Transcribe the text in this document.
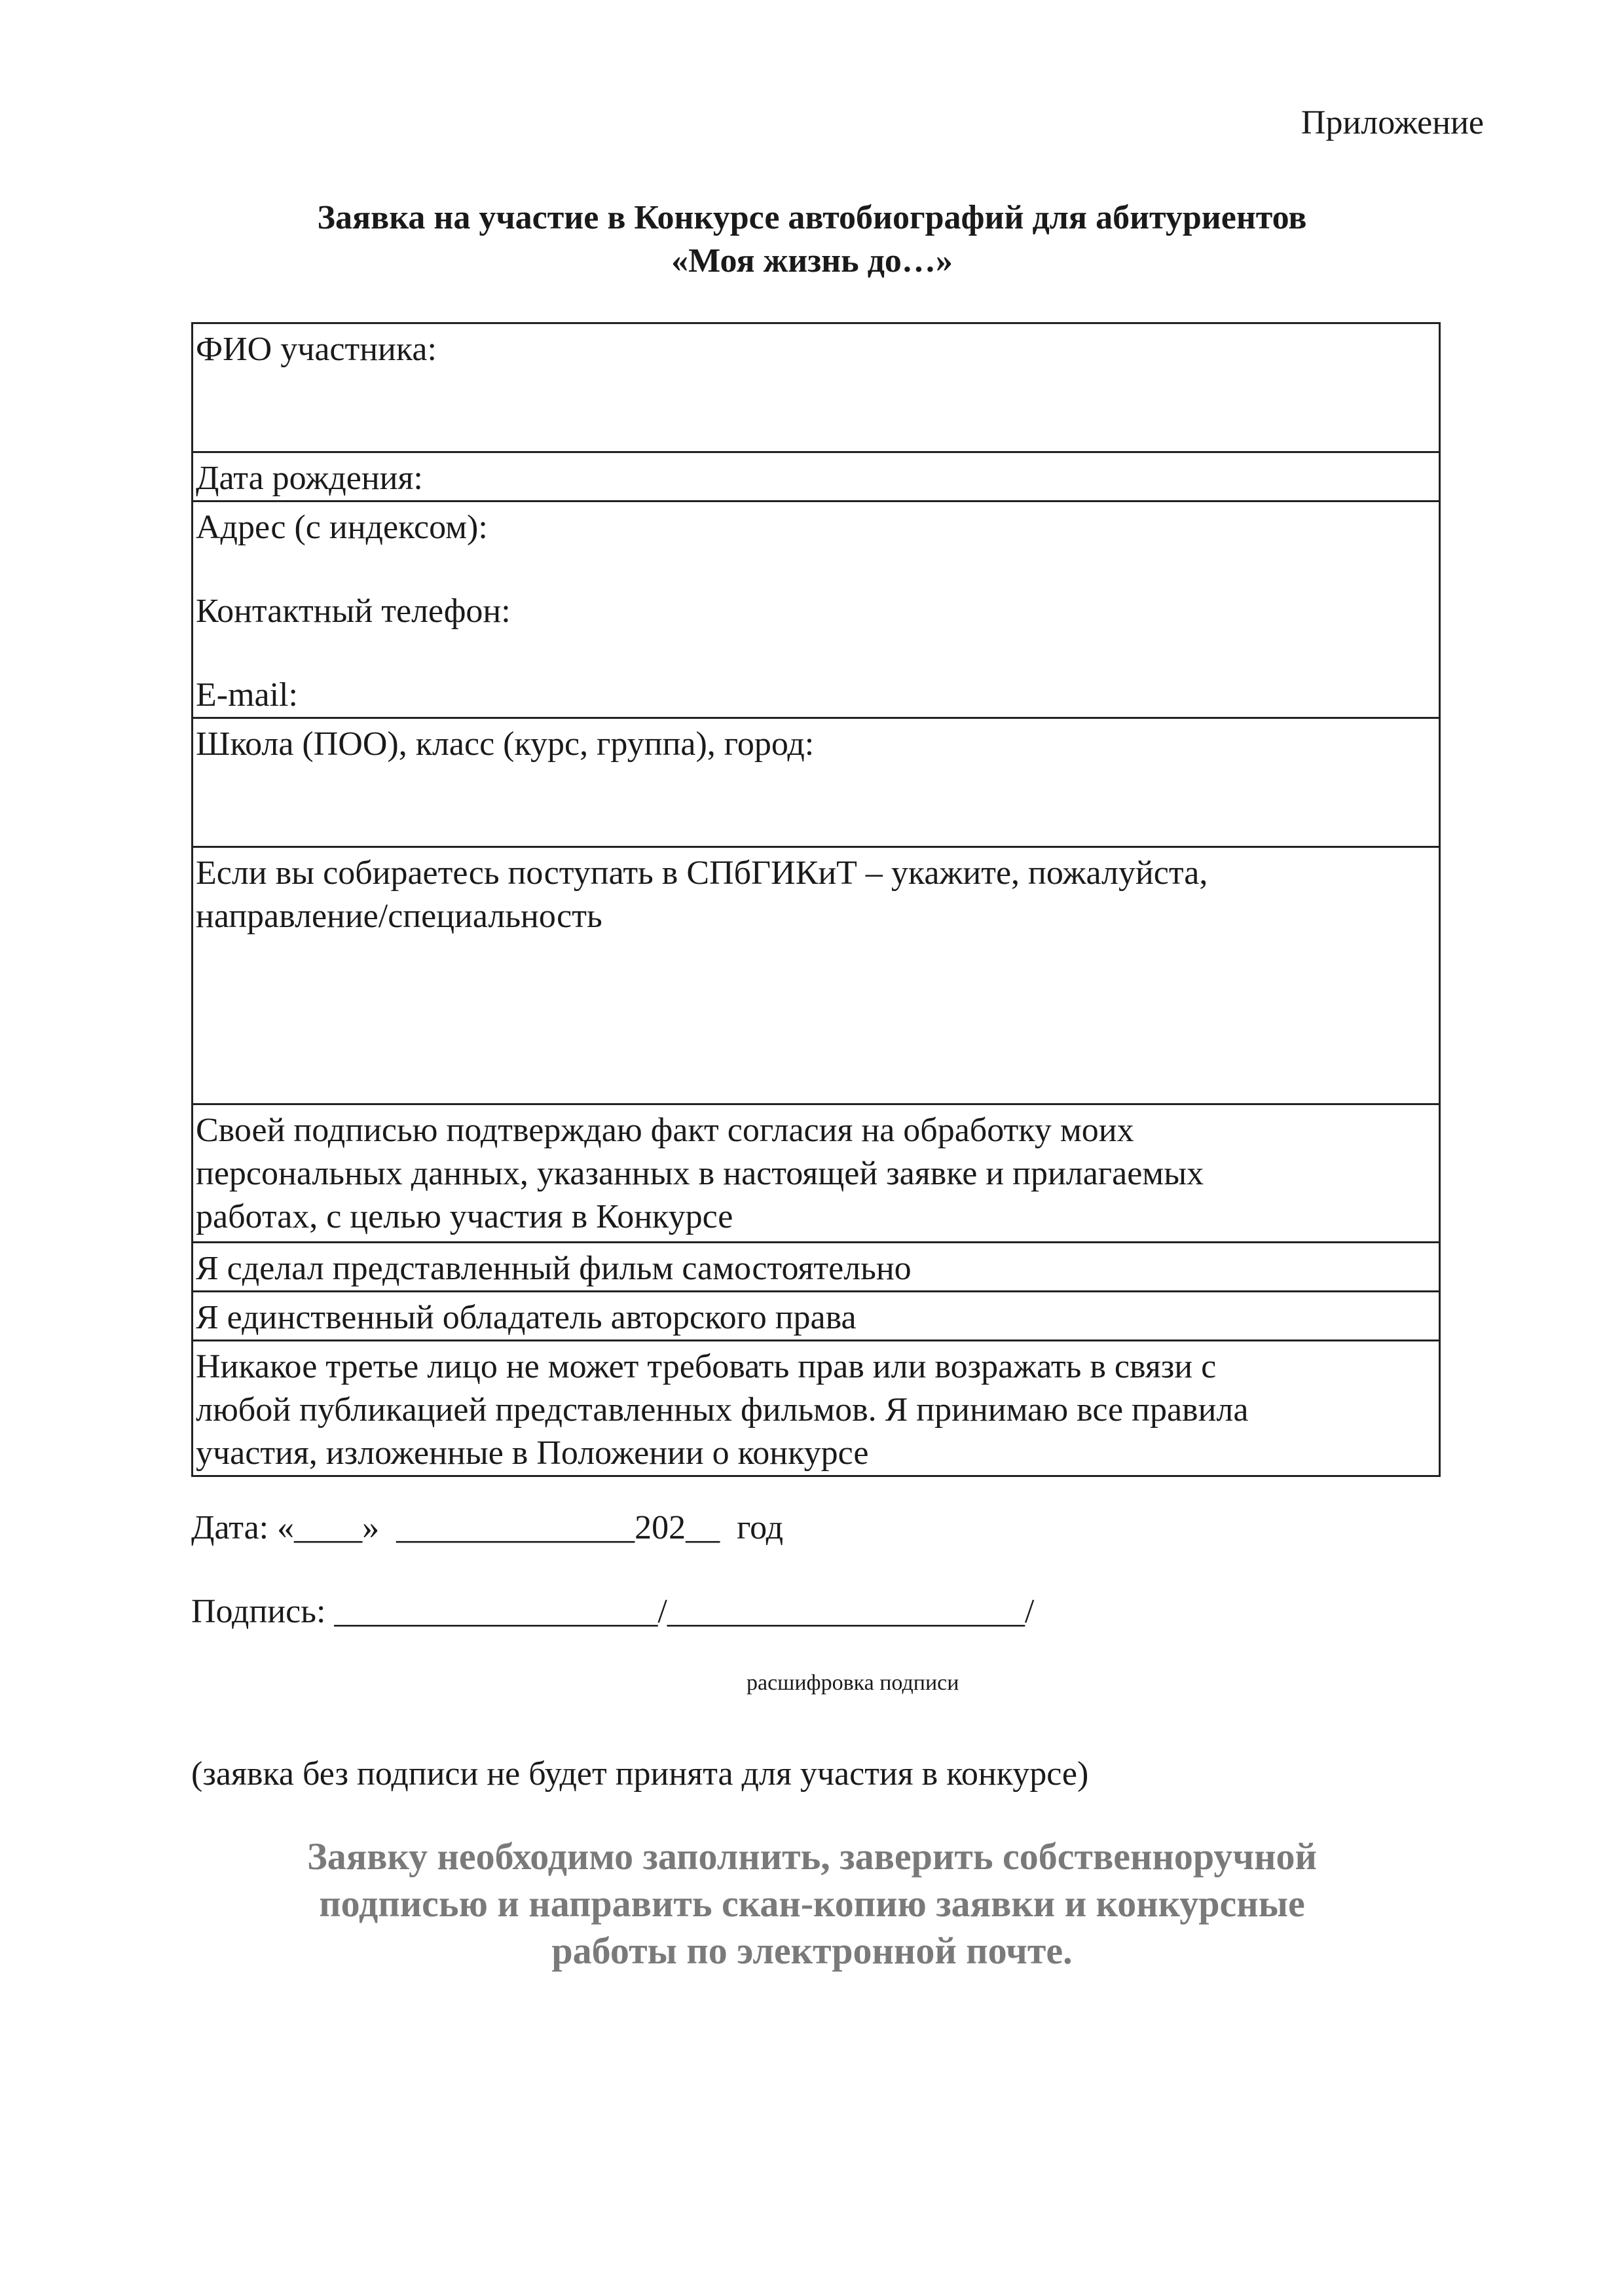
Приложение
Заявка на участие в Конкурсе автобиографий для абитуриентов
«Моя жизнь до…»
ФИО участника:
Дата рождения:

Адрес (с индексом):
Контактный телефон:
E-mail:

Школа (ПОО), класс (курс, группа), город:

Если вы собираетесь поступать в СПбГИКиТ – укажите, пожалуйста,
направление/специальность

Своей подписью подтверждаю факт согласия на обработку моих
персональных данных, указанных в настоящей заявке и прилагаемых
работах, с целью участия в Конкурсе

Я сделал представленный фильм самостоятельно
Я единственный обладатель авторского права

Никакое третье лицо не может требовать прав или возражать в связи с
любой публикацией представленных фильмов. Я принимаю все правила
участия, изложенные в Положении о конкурсе
Дата: «____»  ______________202__  год
Подпись: ___________________/_____________________/
расшифровка подписи
(заявка без подписи не будет принята для участия в конкурсе)
Заявку необходимо заполнить, заверить собственноручной
подписью и направить скан-копию заявки и конкурсные
работы по электронной почте.
